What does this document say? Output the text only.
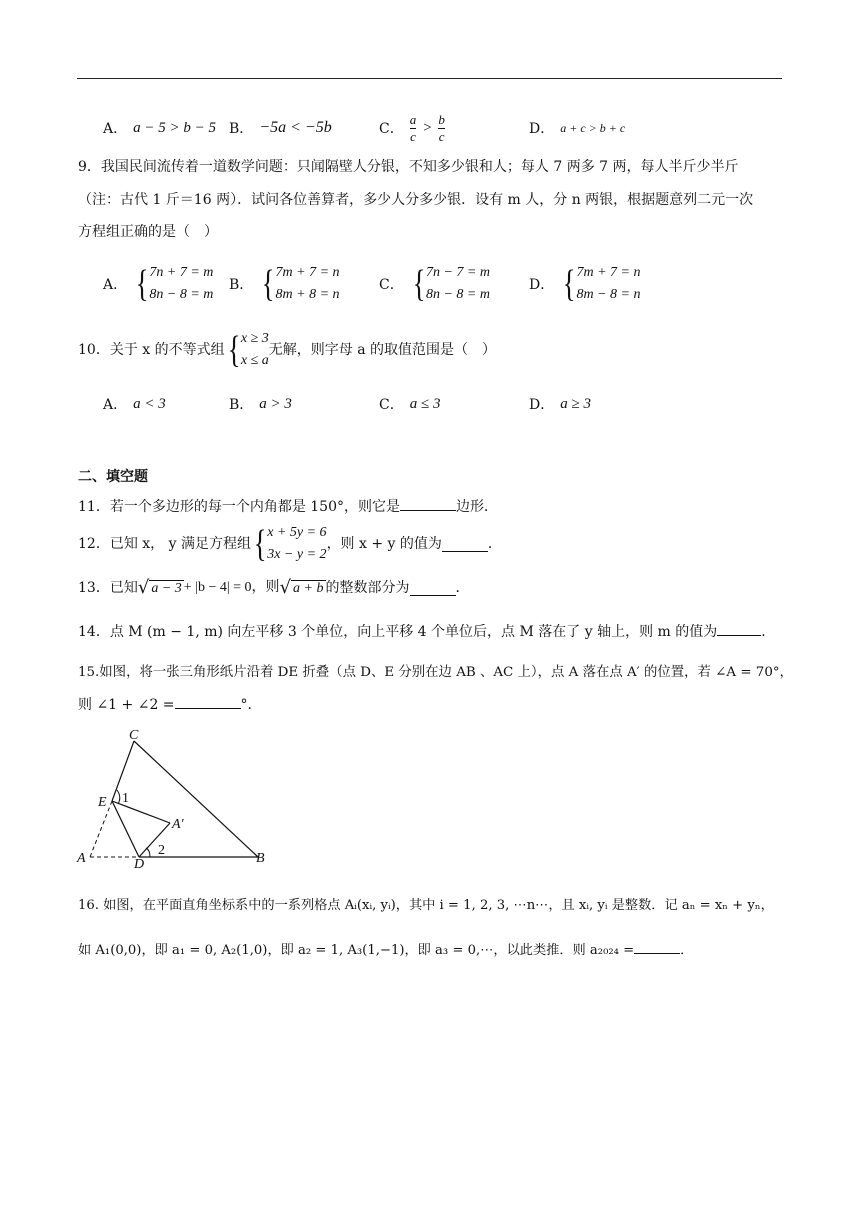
A． a − 5 > b − 5 B． −5a < −5b	C． $\frac{a}{c} > \frac{b}{c}$	D． a + c > b + c
9．我国民间流传着一道数学问题：只闻隔壁人分银，不知多少银和人；每人 7 两多 7 两，每人半斤少半斤
（注：古代 1 斤＝16 两）．试问各位善算者，多少人分多少银．设有 m 人，分 n 两银，根据题意列二元一次
方程组正确的是（　）
A． { 7n + 7 = m
8n − 8 = m
B． { 7m + 7 = n
8m + 8 = n
C． { 7n − 7 = m
8n − 8 = m
D． { 7m + 7 = n
8m − 8 = n
10．关于 x 的不等式组 { x ≥ 3
x ≤ a
无解，则字母 a 的取值范围是（　）
A． a < 3	B． a > 3	C． a ≤ 3	D． a ≥ 3
二、填空题
11．若一个多边形的每一个内角都是 150°，则它是	边形．
12．已知 x， y 满足方程组 { x + 5y = 6
3x − y = 2
，则 x + y 的值为	．
13．已知 √ a − 3 + |b − 4| = 0，则 √ a + b 的整数部分为	．
14．点 M (m − 1, m) 向左平移 3 个单位，向上平移 4 个单位后，点 M 落在了 y 轴上，则 m 的值为	．
15.如图，将一张三角形纸片沿着 DE 折叠（点 D、E 分别在边 AB 、AC 上），点 A 落在点 A′ 的位置，若 ∠A = 70°，
则 ∠1 + ∠2 =	°．
C
E 1
A′
2
A	D	B
16. 如图，在平面直角坐标系中的一系列格点 Aᵢ(xᵢ, yᵢ)，其中 i = 1, 2, 3, ⋯n⋯，且 xᵢ, yᵢ 是整数．记 aₙ = xₙ + yₙ，
如 A₁(0,0)，即 a₁ = 0, A₂(1,0)，即 a₂ = 1, A₃(1,−1)，即 a₃ = 0,⋯，以此类推．则 a₂₀₂₄ =	．
